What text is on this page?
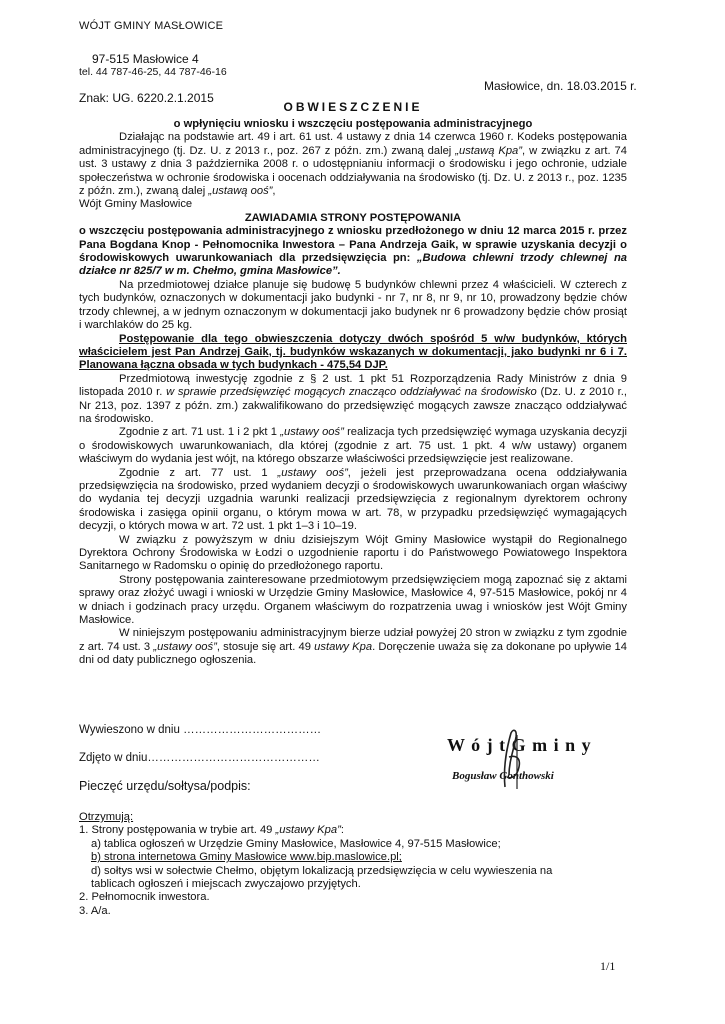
WÓJT GMINY MASŁOWICE
97-515 Masłowice 4
tel. 44 787-46-25, 44 787-46-16
Masłowice, dn. 18.03.2015 r.
Znak: UG. 6220.2.1.2015
OBWIESZCZENIE

o wpłynięciu wniosku i wszczęciu postępowania administracyjnego

Działając na podstawie art. 49 i art. 61 ust. 4 ustawy z dnia 14 czerwca 1960 r. Kodeks postępowania administracyjnego (tj. Dz. U. z 2013 r., poz. 267 z późn. zm.) zwaną dalej „ustawą Kpa”, w związku z art. 74 ust. 3 ustawy z dnia 3 października 2008 r. o udostępnianiu informacji o środowisku i jego ochronie, udziale społeczeństwa w ochronie środowiska i oocenach oddziaływania na środowisko (tj. Dz. U. z 2013 r., poz. 1235 z późn. zm.), zwaną dalej „ustawą ooś”,

Wójt Gminy Masłowice

ZAWIADAMIA STRONY POSTĘPOWANIA

o wszczęciu postępowania administracyjnego z wniosku przedłożonego w dniu 12 marca 2015 r. przez Pana Bogdana Knop - Pełnomocnika Inwestora – Pana Andrzeja Gaik, w sprawie uzyskania decyzji o środowiskowych uwarunkowaniach dla przedsięwzięcia pn: „Budowa chlewni trzody chlewnej na działce nr 825/7 w m. Chełmo, gmina Masłowice”.

Na przedmiotowej działce planuje się budowę 5 budynków chlewni przez 4 właścicieli. W czterech z tych budynków, oznaczonych w dokumentacji jako budynki - nr 7, nr 8, nr 9, nr 10, prowadzony będzie chów trzody chlewnej, a w jednym oznaczonym w dokumentacji jako budynek nr 6 prowadzony będzie chów prosiąt i warchlaków do 25 kg.

Postępowanie dla tego obwieszczenia dotyczy dwóch spośród 5 w/w budynków, których właścicielem jest Pan Andrzej Gaik, tj. budynków wskazanych w dokumentacji, jako budynki nr 6 i 7. Planowana łączna obsada w tych budynkach - 475,54 DJP.

Przedmiotową inwestycję zgodnie z § 2 ust. 1 pkt 51 Rozporządzenia Rady Ministrów z dnia 9 listopada 2010 r. w sprawie przedsięwzięć mogących znacząco oddziaływać na środowisko (Dz. U. z 2010 r., Nr 213, poz. 1397 z późn. zm.) zakwalifikowano do przedsięwzięć mogących zawsze znacząco oddziaływać na środowisko.

Zgodnie z art. 71 ust. 1 i 2 pkt 1 „ustawy ooś” realizacja tych przedsięwzięć wymaga uzyskania decyzji o środowiskowych uwarunkowaniach, dla której (zgodnie z art. 75 ust. 1 pkt. 4 w/w ustawy) organem właściwym do wydania jest wójt, na którego obszarze właściwości przedsięwzięcie jest realizowane.

Zgodnie z art. 77 ust. 1 „ustawy ooś”, jeżeli jest przeprowadzana ocena oddziaływania przedsięwzięcia na środowisko, przed wydaniem decyzji o środowiskowych uwarunkowaniach organ właściwy do wydania tej decyzji uzgadnia warunki realizacji przedsięwzięcia z regionalnym dyrektorem ochrony środowiska i zasięga opinii organu, o którym mowa w art. 78, w przypadku przedsięwzięć wymagających decyzji, o których mowa w art. 72 ust. 1 pkt 1–3 i 10–19.

W związku z powyższym w dniu dzisiejszym Wójt Gminy Masłowice wystąpił do Regionalnego Dyrektora Ochrony Środowiska w Łodzi o uzgodnienie raportu i do Państwowego Powiatowego Inspektora Sanitarnego w Radomsku o opinię do przedłożonego raportu.

Strony postępowania zainteresowane przedmiotowym przedsięwzięciem mogą zapoznać się z aktami sprawy oraz złożyć uwagi i wnioski w Urzędzie Gminy Masłowice, Masłowice 4, 97-515 Masłowice, pokój nr 4 w dniach i godzinach pracy urzędu. Organem właściwym do rozpatrzenia uwag i wniosków jest Wójt Gminy Masłowice.

W niniejszym postępowaniu administracyjnym bierze udział powyżej 20 stron w związku z tym zgodnie z art. 74 ust. 3 „ustawy ooś”, stosuje się art. 49 ustawy Kpa. Doręczenie uważa się za dokonane po upływie 14 dni od daty publicznego ogłoszenia.

Wywieszono w dniu ………………………………
Zdjęto w dniu………………………………………
Pieczęć urzędu/sołtysa/podpis:
W ó j t G m i n y
Bogusław Gonthowski

Otrzymują:

1. Strony postępowania w trybie art. 49 „ustawy Kpa”:

a) tablica ogłoszeń w Urzędzie Gminy Masłowice, Masłowice 4, 97-515 Masłowice;

b) strona internetowa Gminy Masłowice www.bip.maslowice.pl;

d) sołtys wsi w sołectwie Chełmo, objętym lokalizacją przedsięwzięcia w celu wywieszenia na tablicach ogłoszeń i miejscach zwyczajowo przyjętych.

2. Pełnomocnik inwestora.

3. A/a.

1/1
